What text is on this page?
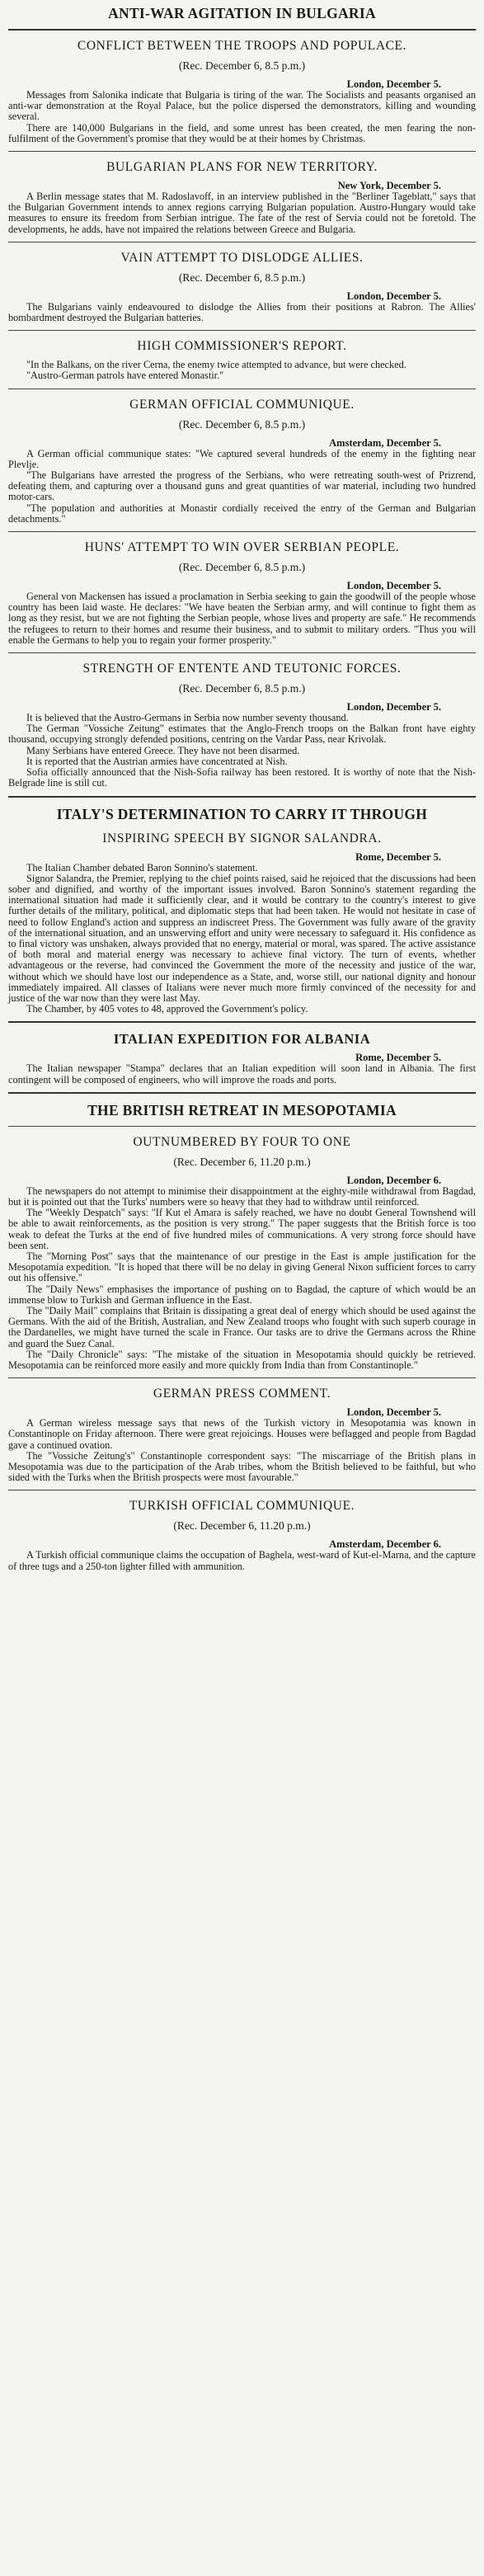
ANTI-WAR AGITATION IN BULGARIA
CONFLICT BETWEEN THE TROOPS AND POPULACE.
(Rec. December 6, 8.5 p.m.)
London, December 5.

Messages from Salonika indicate that Bulgaria is tiring of the war. The Socialists and peasants organised an anti-war demonstration at the Royal Palace, but the police dispersed the demonstrators, killing and wounding several.

There are 140,000 Bulgarians in the field, and some unrest has been created, the men fearing the non-fulfilment of the Government's promise that they would be at their homes by Christmas.

BULGARIAN PLANS FOR NEW TERRITORY.
New York, December 5.

A Berlin message states that M. Radoslavoff, in an interview published in the "Berliner Tageblatt," says that the Bulgarian Government intends to annex regions carrying Bulgarian population. Austro-Hungary would take measures to ensure its freedom from Serbian intrigue. The fate of the rest of Servia could not be foretold. The developments, he adds, have not impaired the relations between Greece and Bulgaria.

VAIN ATTEMPT TO DISLODGE ALLIES.
(Rec. December 6, 8.5 p.m.)
London, December 5.

The Bulgarians vainly endeavoured to dislodge the Allies from their positions at Rabron. The Allies' bombardment destroyed the Bulgarian batteries.

HIGH COMMISSIONER'S REPORT.

"In the Balkans, on the river Cerna, the enemy twice attempted to advance, but were checked.

"Austro-German patrols have entered Monastir."

GERMAN OFFICIAL COMMUNIQUE.
(Rec. December 6, 8.5 p.m.)
Amsterdam, December 5.

A German official communique states: "We captured several hundreds of the enemy in the fighting near Plevlje.

"The Bulgarians have arrested the progress of the Serbians, who were retreating south-west of Prizrend, defeating them, and capturing over a thousand guns and great quantities of war material, including two hundred motor-cars.

"The population and authorities at Monastir cordially received the entry of the German and Bulgarian detachments."

HUNS' ATTEMPT TO WIN OVER SERBIAN PEOPLE.
(Rec. December 6, 8.5 p.m.)
London, December 5.

General von Mackensen has issued a proclamation in Serbia seeking to gain the goodwill of the people whose country has been laid waste. He declares: "We have beaten the Serbian army, and will continue to fight them as long as they resist, but we are not fighting the Serbian people, whose lives and property are safe." He recommends the refugees to return to their homes and resume their business, and to submit to military orders. "Thus you will enable the Germans to help you to regain your former prosperity."

STRENGTH OF ENTENTE AND TEUTONIC FORCES.
(Rec. December 6, 8.5 p.m.)
London, December 5.

It is believed that the Austro-Germans in Serbia now number seventy thousand.

The German "Vossiche Zeitung" estimates that the Anglo-French troops on the Balkan front have eighty thousand, occupying strongly defended positions, centring on the Vardar Pass, near Krivolak.

Many Serbians have entered Greece. They have not been disarmed.

It is reported that the Austrian armies have concentrated at Nish.

Sofia officially announced that the Nish-Sofia railway has been restored. It is worthy of note that the Nish-Belgrade line is still cut.

ITALY'S DETERMINATION TO CARRY IT THROUGH
INSPIRING SPEECH BY SIGNOR SALANDRA.
Rome, December 5.

The Italian Chamber debated Baron Sonnino's statement.

Signor Salandra, the Premier, replying to the chief points raised, said he rejoiced that the discussions had been sober and dignified, and worthy of the important issues involved. Baron Sonnino's statement regarding the international situation had made it sufficiently clear, and it would be contrary to the country's interest to give further details of the military, political, and diplomatic steps that had been taken. He would not hesitate in case of need to follow England's action and suppress an indiscreet Press. The Government was fully aware of the gravity of the international situation, and an unswerving effort and unity were necessary to safeguard it. His confidence as to final victory was unshaken, always provided that no energy, material or moral, was spared. The active assistance of both moral and material energy was necessary to achieve final victory. The turn of events, whether advantageous or the reverse, had convinced the Government the more of the necessity and justice of the war, without which we should have lost our independence as a State, and, worse still, our national dignity and honour immediately impaired. All classes of Italians were never much more firmly convinced of the necessity for and justice of the war now than they were last May.

The Chamber, by 405 votes to 48, approved the Government's policy.

ITALIAN EXPEDITION FOR ALBANIA
Rome, December 5.

The Italian newspaper "Stampa" declares that an Italian expedition will soon land in Albania. The first contingent will be composed of engineers, who will improve the roads and ports.

THE BRITISH RETREAT IN MESOPOTAMIA
OUTNUMBERED BY FOUR TO ONE
(Rec. December 6, 11.20 p.m.)
London, December 6.

The newspapers do not attempt to minimise their disappointment at the eighty-mile withdrawal from Bagdad, but it is pointed out that the Turks' numbers were so heavy that they had to withdraw until reinforced.

The "Weekly Despatch" says: "If Kut el Amara is safely reached, we have no doubt General Townshend will be able to await reinforcements, as the position is very strong." The paper suggests that the British force is too weak to defeat the Turks at the end of five hundred miles of communications. A very strong force should have been sent.

The "Morning Post" says that the maintenance of our prestige in the East is ample justification for the Mesopotamia expedition. "It is hoped that there will be no delay in giving General Nixon sufficient forces to carry out his offensive."

The "Daily News" emphasises the importance of pushing on to Bagdad, the capture of which would be an immense blow to Turkish and German influence in the East.

The "Daily Mail" complains that Britain is dissipating a great deal of energy which should be used against the Germans. With the aid of the British, Australian, and New Zealand troops who fought with such superb courage in the Dardanelles, we might have turned the scale in France. Our tasks are to drive the Germans across the Rhine and guard the Suez Canal.

The "Daily Chronicle" says: "The mistake of the situation in Mesopotamia should quickly be retrieved. Mesopotamia can be reinforced more easily and more quickly from India than from Constantinople."

GERMAN PRESS COMMENT.
London, December 5.

A German wireless message says that news of the Turkish victory in Mesopotamia was known in Constantinople on Friday afternoon. There were great rejoicings. Houses were beflagged and people from Bagdad gave a continued ovation.

The "Vossiche Zeitung's" Constantinople correspondent says: "The miscarriage of the British plans in Mesopotamia was due to the participation of the Arab tribes, whom the British believed to be faithful, but who sided with the Turks when the British prospects were most favourable."

TURKISH OFFICIAL COMMUNIQUE.
(Rec. December 6, 11.20 p.m.)
Amsterdam, December 6.

A Turkish official communique claims the occupation of Baghela, west-ward of Kut-el-Marna, and the capture of three tugs and a 250-ton lighter filled with ammunition.
